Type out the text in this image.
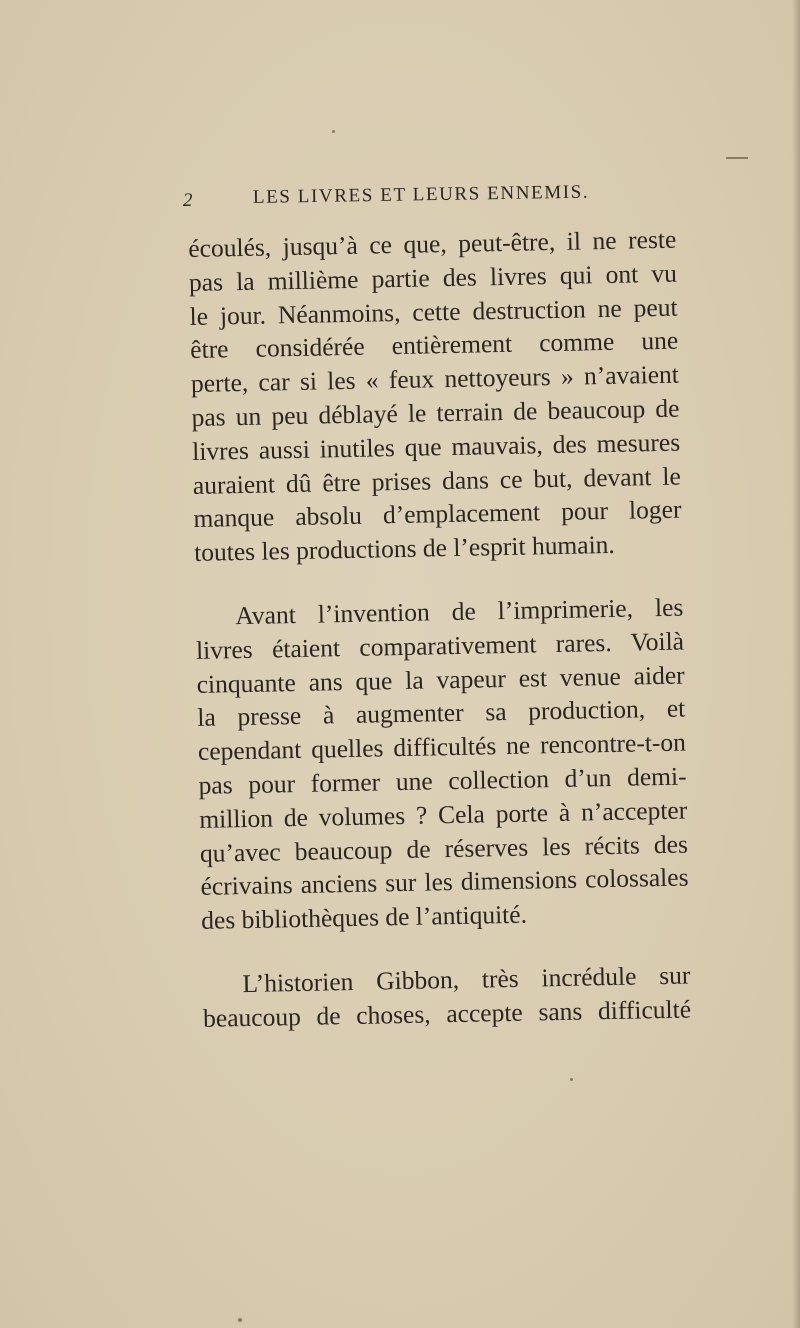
2	LES LIVRES ET LEURS ENNEMIS.
écoulés, jusqu’à ce que, peut-être, il ne reste
pas la millième partie des livres qui ont vu
le jour. Néanmoins, cette destruction ne peut
être considérée entièrement comme une
perte, car si les « feux nettoyeurs » n’avaient
pas un peu déblayé le terrain de beaucoup de
livres aussi inutiles que mauvais, des mesures
auraient dû être prises dans ce but, devant le
manque absolu d’emplacement pour loger
toutes les productions de l’esprit humain.
Avant l’invention de l’imprimerie, les
livres étaient comparativement rares. Voilà
cinquante ans que la vapeur est venue aider
la presse à augmenter sa production, et
cependant quelles difficultés ne rencontre-t-on
pas pour former une collection d’un demi-
million de volumes ? Cela porte à n’accepter
qu’avec beaucoup de réserves les récits des
écrivains anciens sur les dimensions colossales
des bibliothèques de l’antiquité.
L’historien Gibbon, très incrédule sur
beaucoup de choses, accepte sans difficulté
